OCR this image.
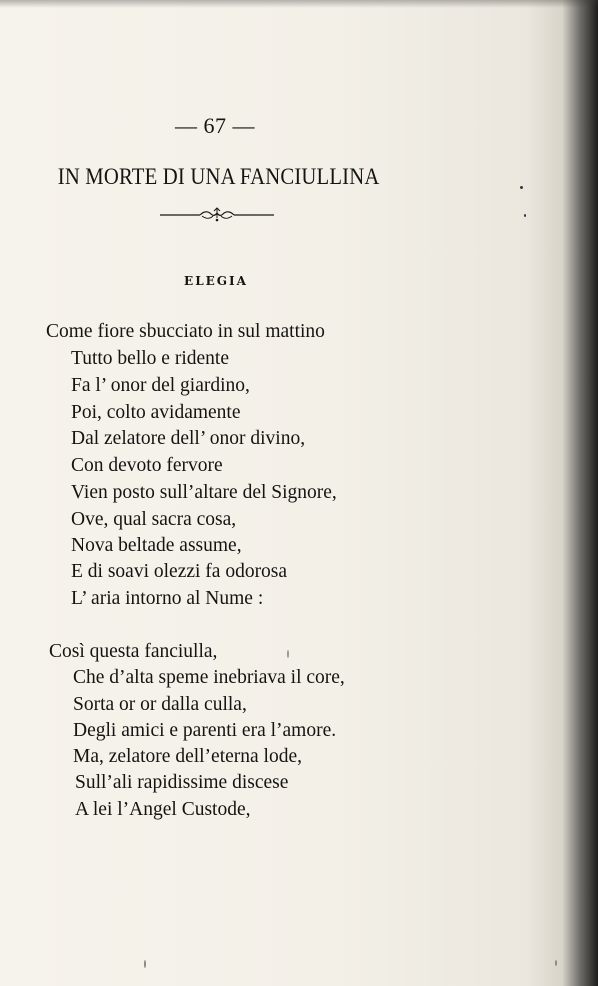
— 67 —
IN MORTE DI UNA FANCIULLINA
ELEGIA
Come fiore sbucciato in sul mattino
Tutto bello e ridente
Fa l’ onor del giardino,
Poi, colto avidamente
Dal zelatore dell’ onor divino,
Con devoto fervore
Vien posto sull’altare del Signore,
Ove, qual sacra cosa,
Nova beltade assume,
E di soavi olezzi fa odorosa
L’ aria intorno al Nume :
Così questa fanciulla,
Che d’alta speme inebriava il core,
Sorta or or dalla culla,
Degli amici e parenti era l’amore.
Ma, zelatore dell’eterna lode,
Sull’ali rapidissime discese
A lei l’Angel Custode,
